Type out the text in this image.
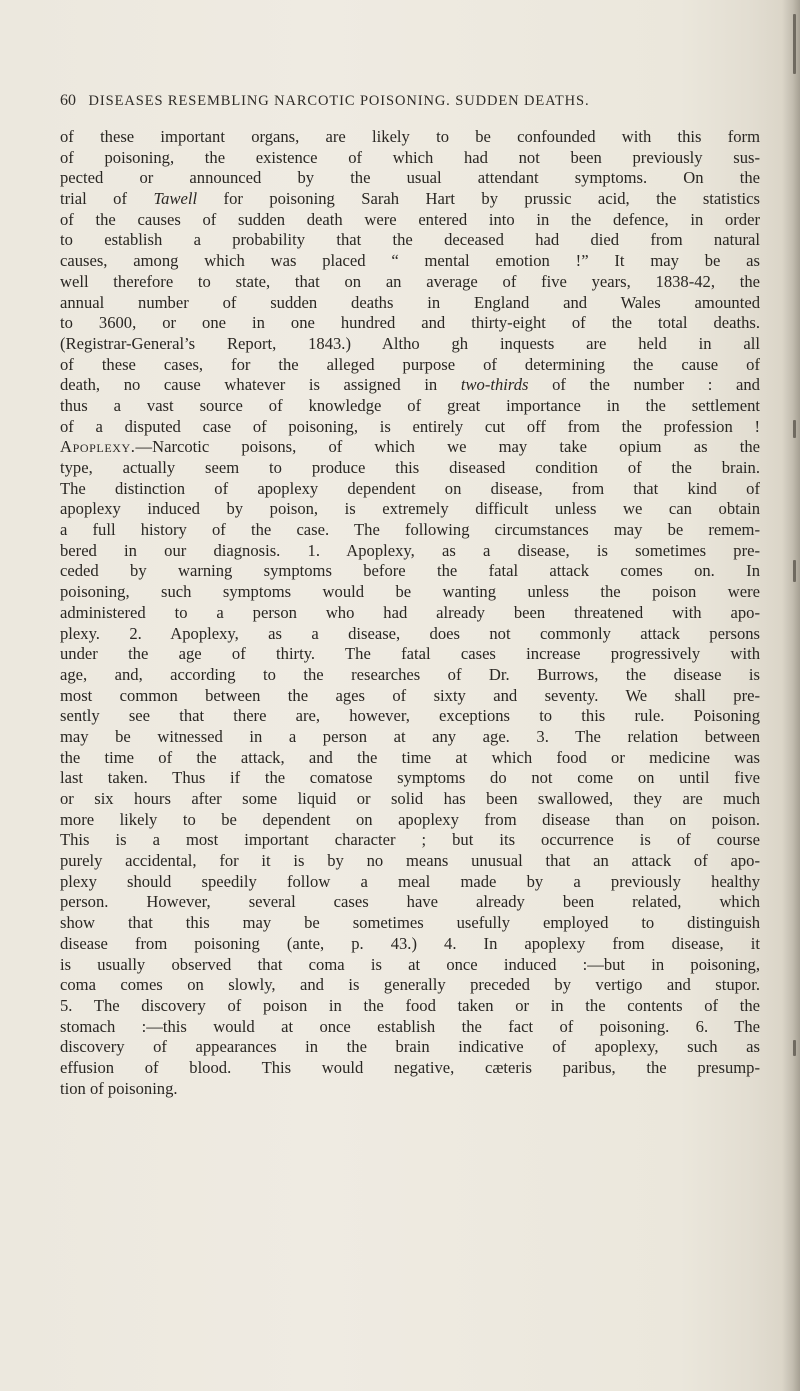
60 DISEASES RESEMBLING NARCOTIC POISONING. SUDDEN DEATHS.
of these important organs, are likely to be confounded with this form
of poisoning, the existence of which had not been previously sus-
pected or announced by the usual attendant symptoms. On the
trial of Tawell for poisoning Sarah Hart by prussic acid, the statistics
of the causes of sudden death were entered into in the defence, in order
to establish a probability that the deceased had died from natural
causes, among which was placed “ mental emotion !” It may be as
well therefore to state, that on an average of five years, 1838-42, the
annual number of sudden deaths in England and Wales amounted
to 3600, or one in one hundred and thirty-eight of the total deaths.
(Registrar-General’s Report, 1843.) Altho gh inquests are held in all
of these cases, for the alleged purpose of determining the cause of
death, no cause whatever is assigned in two-thirds of the number : and
thus a vast source of knowledge of great importance in the settlement
of a disputed case of poisoning, is entirely cut off from the profession !
Apoplexy.—Narcotic poisons, of which we may take opium as the
type, actually seem to produce this diseased condition of the brain.
The distinction of apoplexy dependent on disease, from that kind of
apoplexy induced by poison, is extremely difficult unless we can obtain
a full history of the case. The following circumstances may be remem-
bered in our diagnosis. 1. Apoplexy, as a disease, is sometimes pre-
ceded by warning symptoms before the fatal attack comes on. In
poisoning, such symptoms would be wanting unless the poison were
administered to a person who had already been threatened with apo-
plexy. 2. Apoplexy, as a disease, does not commonly attack persons
under the age of thirty. The fatal cases increase progressively with
age, and, according to the researches of Dr. Burrows, the disease is
most common between the ages of sixty and seventy. We shall pre-
sently see that there are, however, exceptions to this rule. Poisoning
may be witnessed in a person at any age. 3. The relation between
the time of the attack, and the time at which food or medicine was
last taken. Thus if the comatose symptoms do not come on until five
or six hours after some liquid or solid has been swallowed, they are much
more likely to be dependent on apoplexy from disease than on poison.
This is a most important character ; but its occurrence is of course
purely accidental, for it is by no means unusual that an attack of apo-
plexy should speedily follow a meal made by a previously healthy
person. However, several cases have already been related, which
show that this may be sometimes usefully employed to distinguish
disease from poisoning (ante, p. 43.) 4. In apoplexy from disease, it
is usually observed that coma is at once induced :—but in poisoning,
coma comes on slowly, and is generally preceded by vertigo and stupor.
5. The discovery of poison in the food taken or in the contents of the
stomach :—this would at once establish the fact of poisoning. 6. The
discovery of appearances in the brain indicative of apoplexy, such as
effusion of blood. This would negative, cæteris paribus, the presump-
tion of poisoning.
